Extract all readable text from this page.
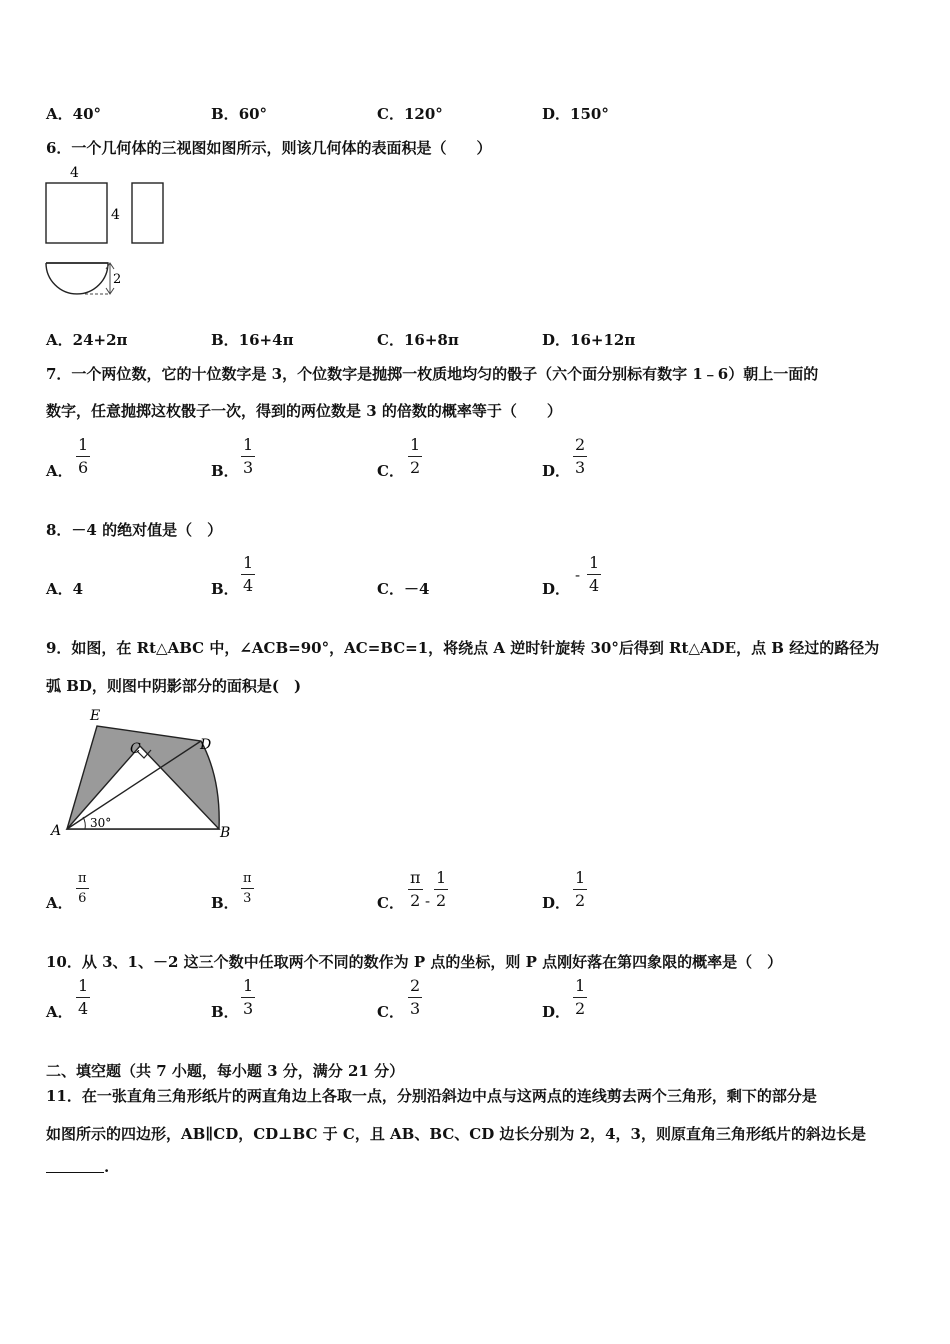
A．40°	B．60°	C．120°	D．150°
6．一个几何体的三视图如图所示，则该几何体的表面积是（　　）
4
4
2
A．24+2π	B．16+4π	C．16+8π	D．16+12π
7．一个两位数，它的十位数字是 3，个位数字是抛掷一枚质地均匀的骰子（六个面分别标有数字 1﹣6）朝上一面的
数字，任意抛掷这枚骰子一次，得到的两位数是 3 的倍数的概率等于（　　）
A．
1
6	B．
1
3	C．
1
2	D．
2
3
8．－4 的绝对值是（　）
A．4	B．
1
4	C．－4	D．
-
1
4
9．如图，在 Rt△ABC 中，∠ACB=90°，AC=BC=1，将绕点 A 逆时针旋转 30°后得到 Rt△ADE，点 B 经过的路径为
弧 BD，则图中阴影部分的面积是(　)
E
C	D
A	B
30°
A．
π
6	B．
π
3	C．
π
2 -
1
2	D．
1
2
10．从 3、1、－2 这三个数中任取两个不同的数作为 P 点的坐标，则 P 点刚好落在第四象限的概率是（　）
A．
1
4	B．
1
3	C．
2
3	D．
1
2
二、填空题（共 7 小题，每小题 3 分，满分 21 分）
11．在一张直角三角形纸片的两直角边上各取一点，分别沿斜边中点与这两点的连线剪去两个三角形，剩下的部分是
如图所示的四边形，AB∥CD，CD⊥BC 于 C，且 AB、BC、CD 边长分别为 2，4，3，则原直角三角形纸片的斜边长是
.
